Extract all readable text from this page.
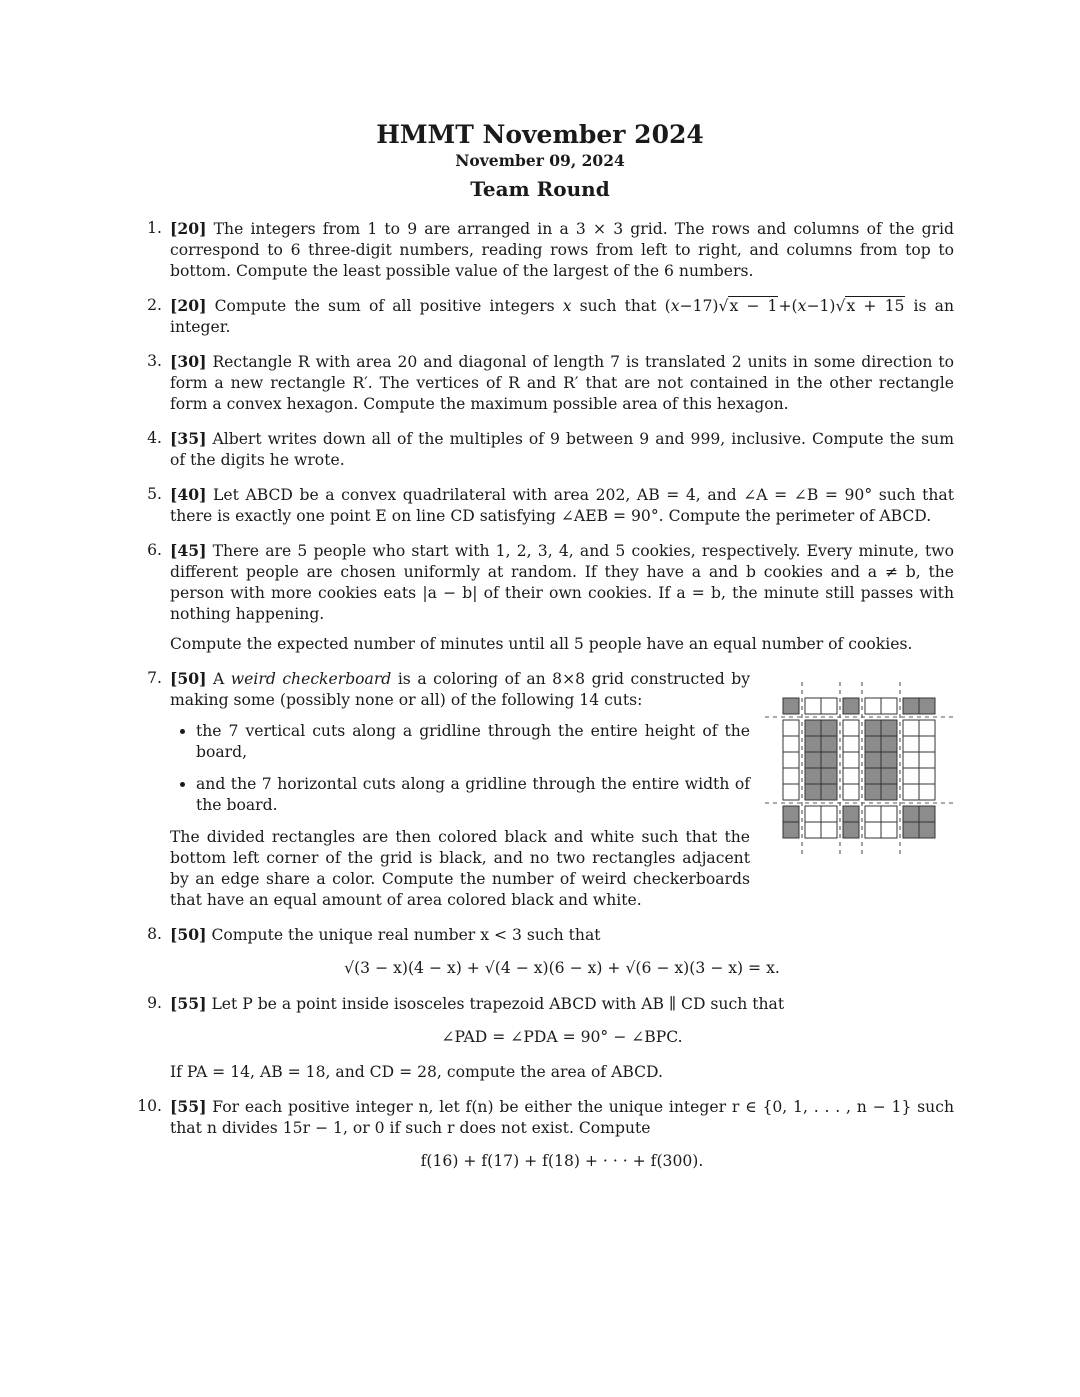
HMMT November 2024
November 09, 2024
Team Round
1. [20] The integers from 1 to 9 are arranged in a 3 × 3 grid. The rows and columns of the grid correspond to 6 three-digit numbers, reading rows from left to right, and columns from top to bottom. Compute the least possible value of the largest of the 6 numbers.
2. [20] Compute the sum of all positive integers x such that (x−17)√x − 1+(x−1)√x + 15 is an integer.
3. [30] Rectangle R with area 20 and diagonal of length 7 is translated 2 units in some direction to form a new rectangle R′. The vertices of R and R′ that are not contained in the other rectangle form a convex hexagon. Compute the maximum possible area of this hexagon.
4. [35] Albert writes down all of the multiples of 9 between 9 and 999, inclusive. Compute the sum of the digits he wrote.
5. [40] Let ABCD be a convex quadrilateral with area 202, AB = 4, and ∠A = ∠B = 90° such that there is exactly one point E on line CD satisfying ∠AEB = 90°. Compute the perimeter of ABCD.
6. [45] There are 5 people who start with 1, 2, 3, 4, and 5 cookies, respectively. Every minute, two different people are chosen uniformly at random. If they have a and b cookies and a ≠ b, the person with more cookies eats |a − b| of their own cookies. If a = b, the minute still passes with nothing happening.
Compute the expected number of minutes until all 5 people have an equal number of cookies.
7. [50] A weird checkerboard is a coloring of an 8×8 grid constructed by making some (possibly none or all) of the following 14 cuts:
• the 7 vertical cuts along a gridline through the entire height of the board,
• and the 7 horizontal cuts along a gridline through the entire width of the board.
The divided rectangles are then colored black and white such that the bottom left corner of the grid is black, and no two rectangles adjacent by an edge share a color. Compute the number of weird checkerboards that have an equal amount of area colored black and white.
8. [50] Compute the unique real number x < 3 such that
√(3 − x)(4 − x) + √(4 − x)(6 − x) + √(6 − x)(3 − x) = x.
9. [55] Let P be a point inside isosceles trapezoid ABCD with AB ∥ CD such that
∠PAD = ∠PDA = 90° − ∠BPC.
If PA = 14, AB = 18, and CD = 28, compute the area of ABCD.
10. [55] For each positive integer n, let f(n) be either the unique integer r ∈ {0, 1, . . . , n − 1} such that n divides 15r − 1, or 0 if such r does not exist. Compute
f(16) + f(17) + f(18) + · · · + f(300).
